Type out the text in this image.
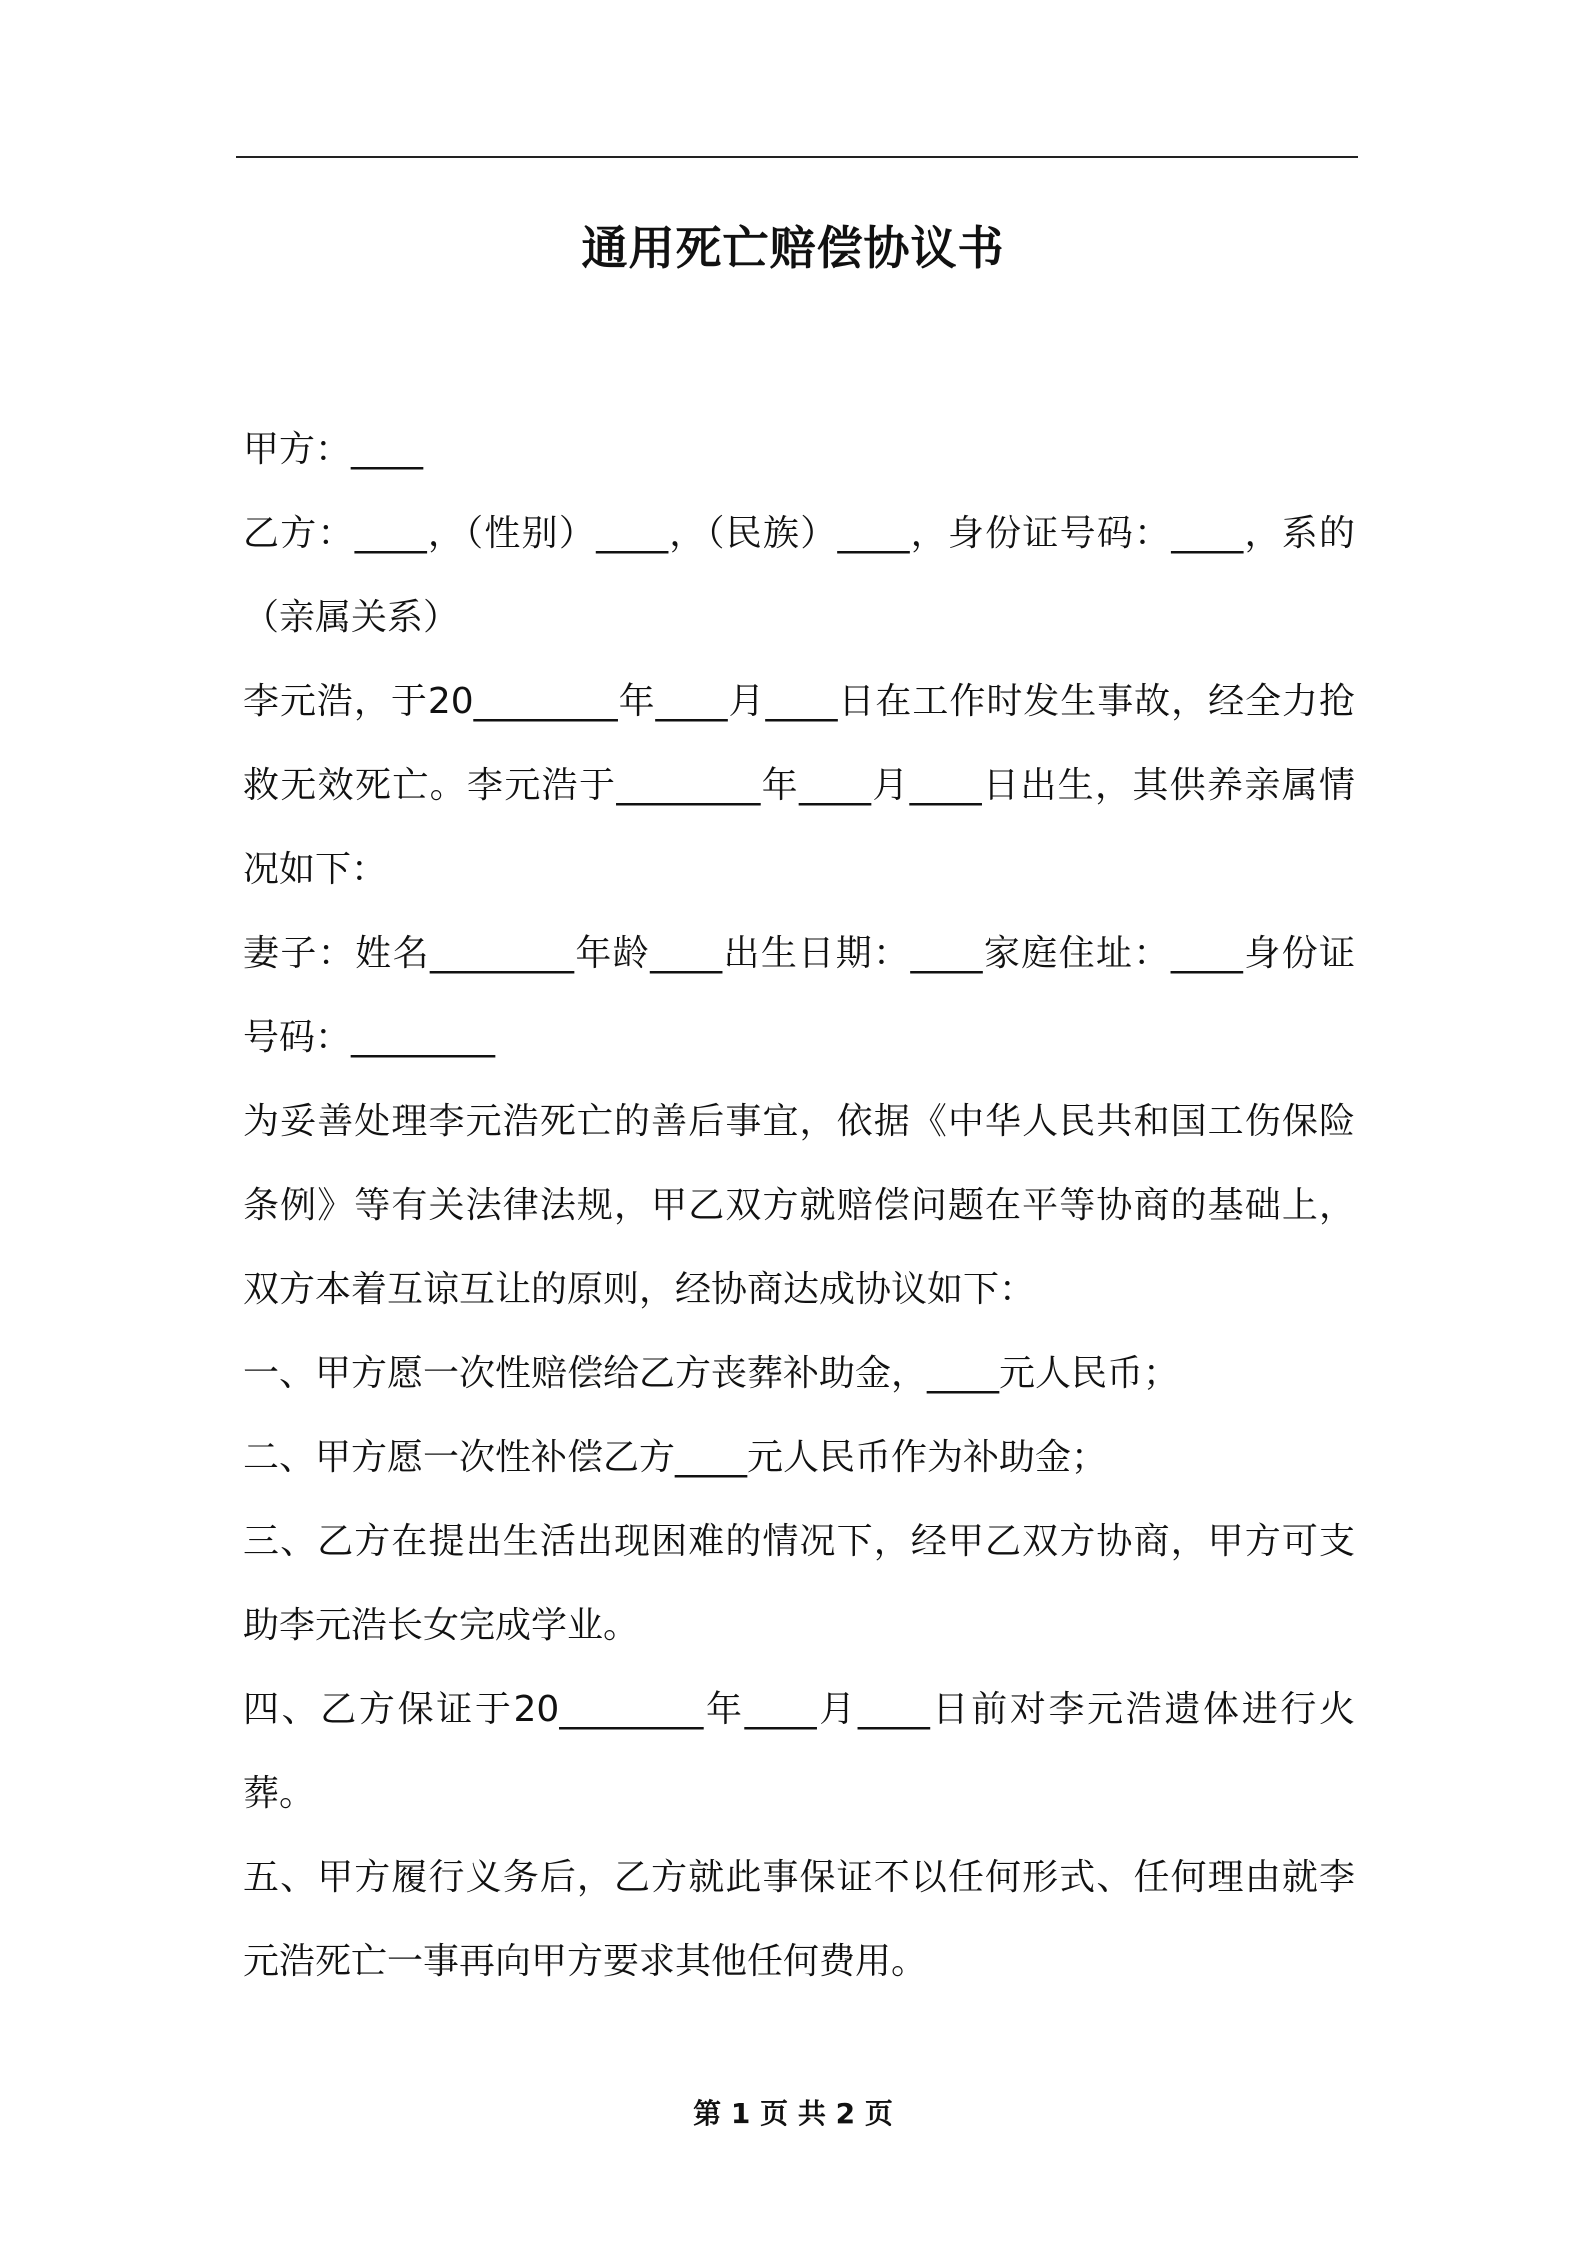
通用死亡赔偿协议书

甲方：____

乙方：____，（性别）____，（民族）____，身份证号码：____，系的（亲属关系）

李元浩，于20________年____月____日在工作时发生事故，经全力抢救无效死亡。李元浩于________年____月____日出生，其供养亲属情况如下：

妻子：姓名________年龄____出生日期：____家庭住址：____身份证号码：________

为妥善处理李元浩死亡的善后事宜，依据《中华人民共和国工伤保险条例》等有关法律法规，甲乙双方就赔偿问题在平等协商的基础上，双方本着互谅互让的原则，经协商达成协议如下：

一、甲方愿一次性赔偿给乙方丧葬补助金，____元人民币；

二、甲方愿一次性补偿乙方____元人民币作为补助金；

三、乙方在提出生活出现困难的情况下，经甲乙双方协商，甲方可支助李元浩长女完成学业。

四、乙方保证于20________年____月____日前对李元浩遗体进行火葬。

五、甲方履行义务后，乙方就此事保证不以任何形式、任何理由就李元浩死亡一事再向甲方要求其他任何费用。

第 1 页 共 2 页
